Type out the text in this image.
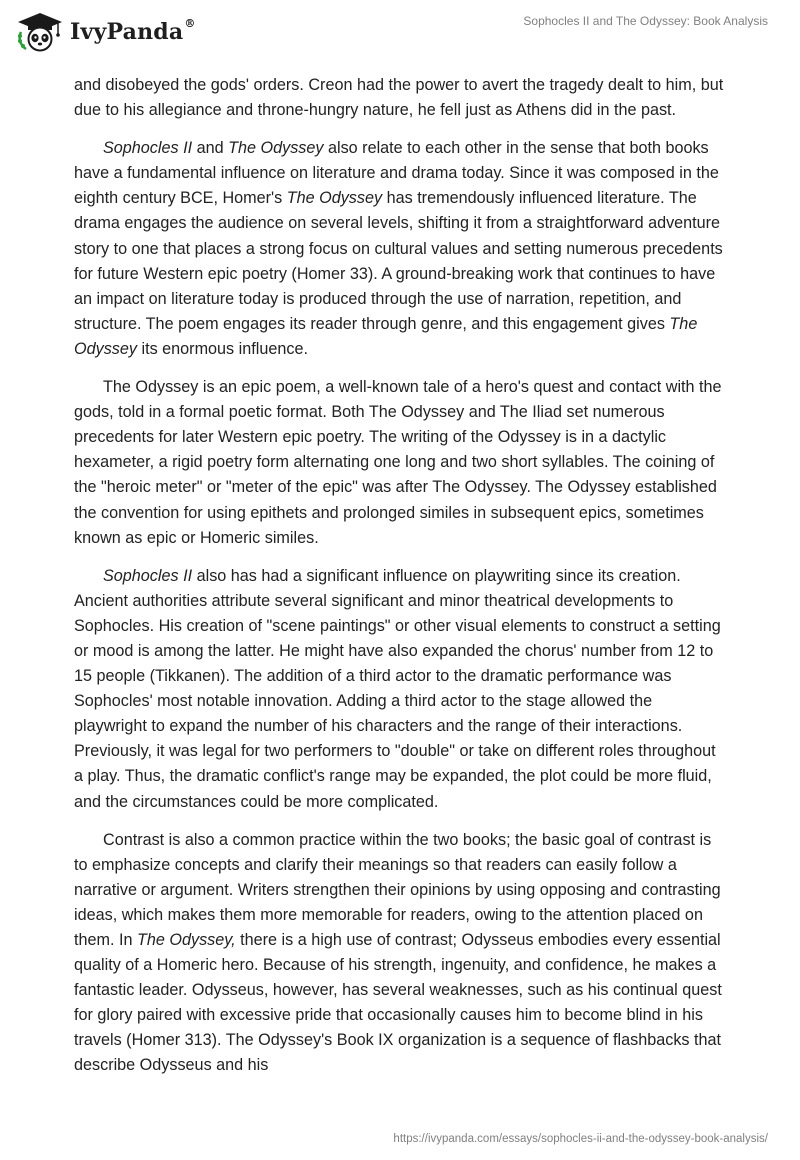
IvyPanda®	Sophocles II and The Odyssey: Book Analysis

and disobeyed the gods' orders. Creon had the power to avert the tragedy dealt to him, but due to his allegiance and throne-hungry nature, he fell just as Athens did in the past.

Sophocles II and The Odyssey also relate to each other in the sense that both books have a fundamental influence on literature and drama today. Since it was composed in the eighth century BCE, Homer's The Odyssey has tremendously influenced literature. The drama engages the audience on several levels, shifting it from a straightforward adventure story to one that places a strong focus on cultural values and setting numerous precedents for future Western epic poetry (Homer 33). A ground-breaking work that continues to have an impact on literature today is produced through the use of narration, repetition, and structure. The poem engages its reader through genre, and this engagement gives The Odyssey its enormous influence.

The Odyssey is an epic poem, a well-known tale of a hero's quest and contact with the gods, told in a formal poetic format. Both The Odyssey and The Iliad set numerous precedents for later Western epic poetry. The writing of the Odyssey is in a dactylic hexameter, a rigid poetry form alternating one long and two short syllables. The coining of the "heroic meter" or "meter of the epic" was after The Odyssey. The Odyssey established the convention for using epithets and prolonged similes in subsequent epics, sometimes known as epic or Homeric similes.

Sophocles II also has had a significant influence on playwriting since its creation. Ancient authorities attribute several significant and minor theatrical developments to Sophocles. His creation of "scene paintings" or other visual elements to construct a setting or mood is among the latter. He might have also expanded the chorus' number from 12 to 15 people (Tikkanen). The addition of a third actor to the dramatic performance was Sophocles' most notable innovation. Adding a third actor to the stage allowed the playwright to expand the number of his characters and the range of their interactions. Previously, it was legal for two performers to "double" or take on different roles throughout a play. Thus, the dramatic conflict's range may be expanded, the plot could be more fluid, and the circumstances could be more complicated.

Contrast is also a common practice within the two books; the basic goal of contrast is to emphasize concepts and clarify their meanings so that readers can easily follow a narrative or argument. Writers strengthen their opinions by using opposing and contrasting ideas, which makes them more memorable for readers, owing to the attention placed on them. In The Odyssey, there is a high use of contrast; Odysseus embodies every essential quality of a Homeric hero. Because of his strength, ingenuity, and confidence, he makes a fantastic leader. Odysseus, however, has several weaknesses, such as his continual quest for glory paired with excessive pride that occasionally causes him to become blind in his travels (Homer 313). The Odyssey's Book IX organization is a sequence of flashbacks that describe Odysseus and his

https://ivypanda.com/essays/sophocles-ii-and-the-odyssey-book-analysis/
